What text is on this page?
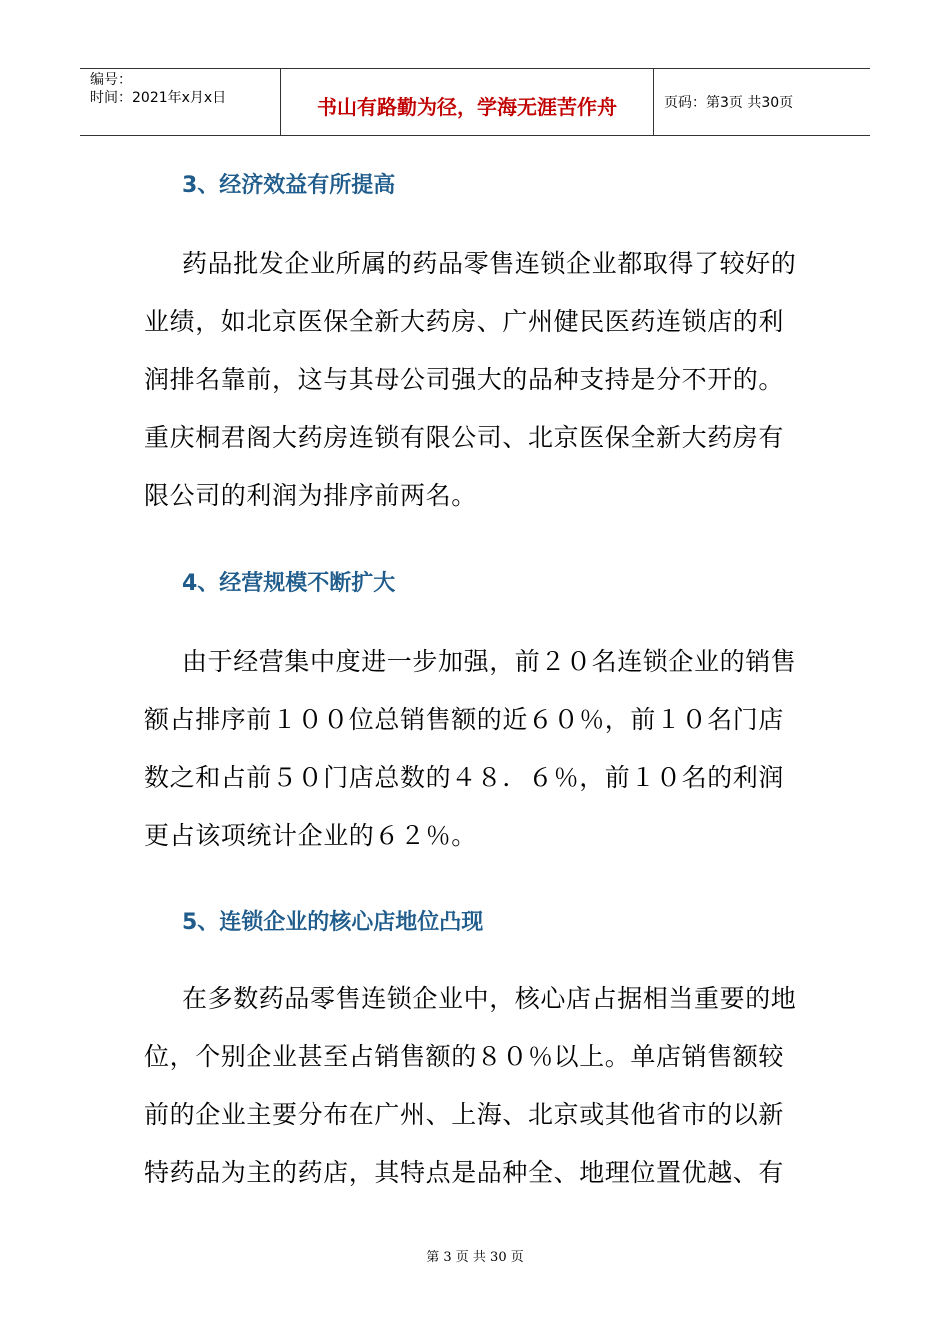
编号：
时间：2021年x月x日	书山有路勤为径，学海无涯苦作舟	页码：第3页 共30页
3、经济效益有所提高
药品批发企业所属的药品零售连锁企业都取得了较好的业绩，如北京医保全新大药房、广州健民医药连锁店的利润排名靠前，这与其母公司强大的品种支持是分不开的。重庆桐君阁大药房连锁有限公司、北京医保全新大药房有限公司的利润为排序前两名。
4、经营规模不断扩大
由于经营集中度进一步加强，前２０名连锁企业的销售额占排序前１００位总销售额的近６０％，前１０名门店数之和占前５０门店总数的４８．６％，前１０名的利润更占该项统计企业的６２％。
5、连锁企业的核心店地位凸现
在多数药品零售连锁企业中，核心店占据相当重要的地位，个别企业甚至占销售额的８０％以上。单店销售额较前的企业主要分布在广州、上海、北京或其他省市的以新特药品为主的药店，其特点是品种全、地理位置优越、有
第 3 页 共 30 页
